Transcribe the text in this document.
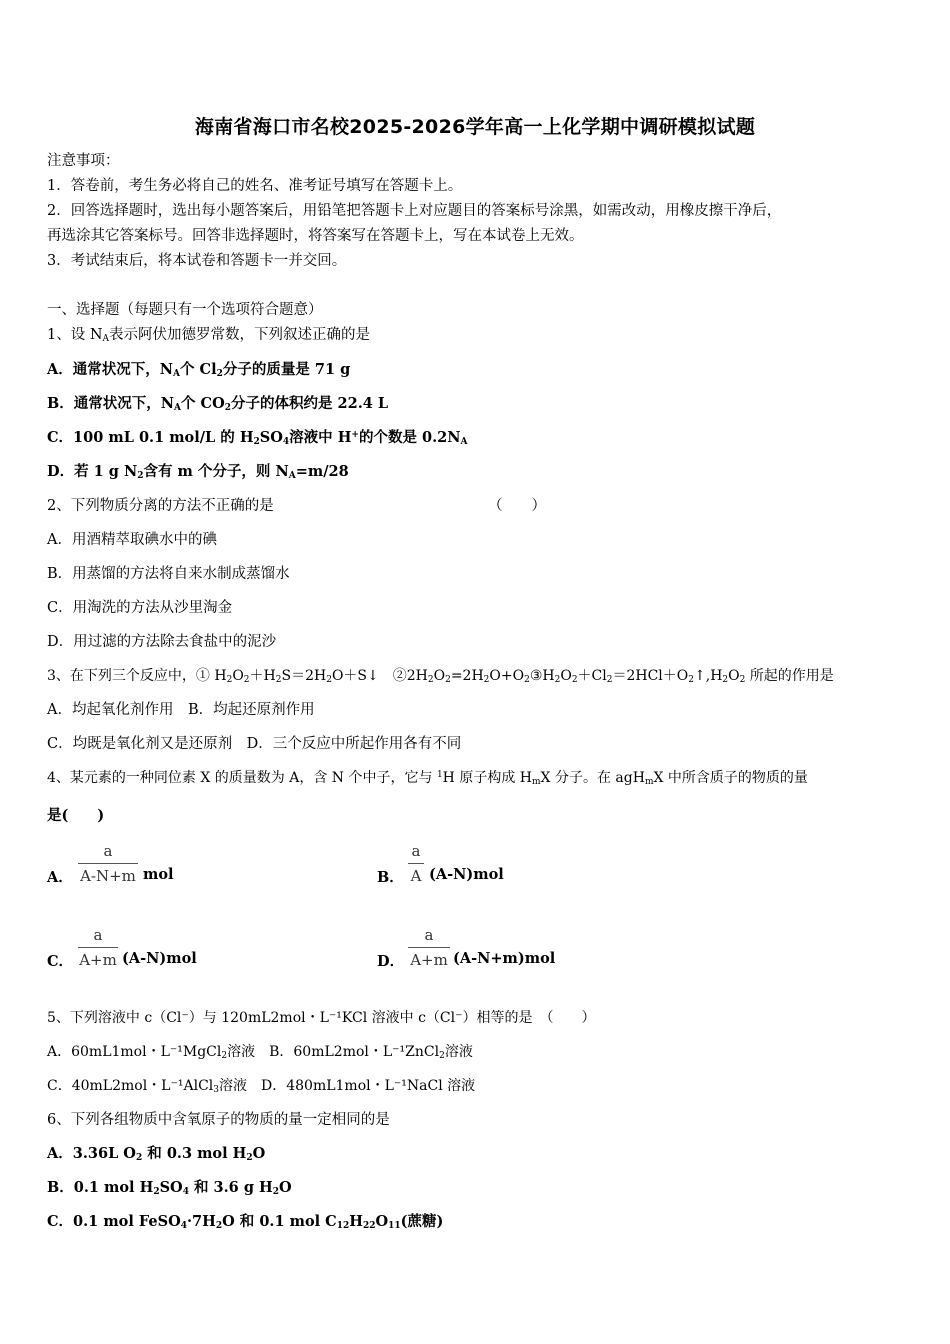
海南省海口市名校2025-2026学年高一上化学期中调研模拟试题
注意事项：
1．答卷前，考生务必将自己的姓名、准考证号填写在答题卡上。
2．回答选择题时，选出每小题答案后，用铅笔把答题卡上对应题目的答案标号涂黑，如需改动，用橡皮擦干净后，
再选涂其它答案标号。回答非选择题时，将答案写在答题卡上，写在本试卷上无效。
3．考试结束后，将本试卷和答题卡一并交回。
一、选择题（每题只有一个选项符合题意）
1、设 $N_A$表示阿伏加德罗常数，下列叙述正确的是
A．通常状况下，$N_A$个 $Cl_2$分子的质量是 71 g
B．通常状况下，$N_A$个 $CO_2$分子的体积约是 22.4 L
C．100 mL 0.1 mol/L 的 $H_2SO_4$溶液中 H+的个数是 $0.2N_A$
D．若 1 g $N_2$含有 m 个分子，则 $N_A=m/28$
2、下列物质分离的方法不正确的是	（　　）
A．用酒精萃取碘水中的碘
B．用蒸馏的方法将自来水制成蒸馏水
C．用淘洗的方法从沙里淘金
D．用过滤的方法除去食盐中的泥沙
3、在下列三个反应中，① $H_2O_2+H_2S=2H_2O+S↓$　$②2H_2O_2=2H_2O+O_2③H_2O_2+Cl_2=2HCl+O_2↑,H_2O_2$ 所起的作用是
A．均起氧化剂作用　B．均起还原剂作用
C．均既是氧化剂又是还原剂　D．三个反应中所起作用各有不同
4、某元素的一种同位素 X 的质量数为 A，含 N 个中子，它与 $^1$H 原子构成 $H_mX$ 分子。在 agH$_m$X 中所含质子的物质的量
是(　　)
A．
a
A-N+m mol	B．
a
A (A-N)mol
C．
a
A+m (A-N)mol	D．
a
A+m (A-N+m)mol
5、下列溶液中 c（Cl⁻）与 120mL2mol・L⁻¹KCl 溶液中 c（Cl⁻）相等的是　（　　）
A．60mL1mol・L⁻¹MgCl$_2$溶液　B．60mL2mol・L⁻¹ZnCl$_2$溶液
C．40mL2mol・L⁻¹AlCl$_3$溶液　D．480mL1mol・L⁻¹NaCl 溶液
6、下列各组物质中含氧原子的物质的量一定相同的是
A．3.36L $O_2$ 和 0.3 mol $H_2O$
B．0.1 mol $H_2SO_4$ 和 3.6 g $H_2O$
C．0.1 mol $FeSO_4\cdot 7H_2O$ 和 0.1 mol $C_{12}H_{22}O_{11}$(蔗糖)
